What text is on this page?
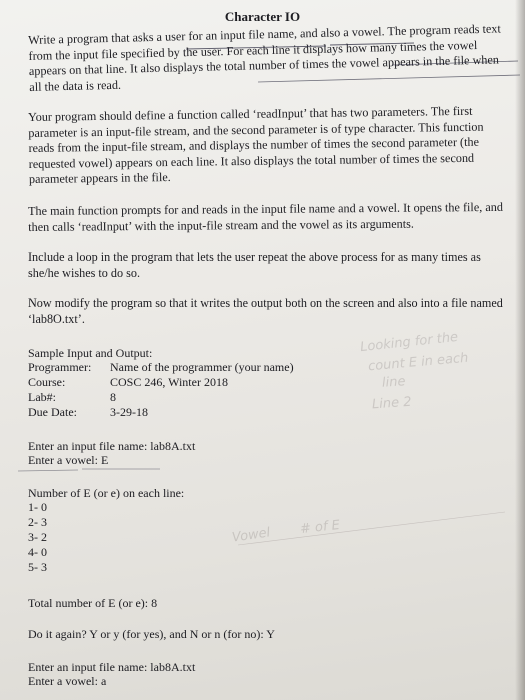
Character IO

Write a program that asks a user for an input file name, and also a vowel. The program reads text from the input file specified by the user. For each line it displays how many times the vowel appears on that line. It also displays the total number of times the vowel appears in the file when all the data is read.

Your program should define a function called ‘readInput’ that has two parameters. The first parameter is an input-file stream, and the second parameter is of type character. This function reads from the input-file stream, and displays the number of times the second parameter (the requested vowel) appears on each line. It also displays the total number of times the second parameter appears in the file.

The main function prompts for and reads in the input file name and a vowel. It opens the file, and then calls ‘readInput’ with the input-file stream and the vowel as its arguments.

Include a loop in the program that lets the user repeat the above process for as many times as she/he wishes to do so.

Now modify the program so that it writes the output both on the screen and also into a file named ‘lab8O.txt’.

Sample Input and Output:
Programmer: Name of the programmer (your name)
Course:	COSC 246, Winter 2018
Lab#:	8
Due Date:	3-29-18
Enter an input file name: lab8A.txt
Enter a vowel: E
Number of E (or e) on each line:
1- 0
2- 3
3- 2
4- 0
5- 3
Total number of E (or e): 8
Do it again? Y or y (for yes), and N or n (for no): Y
Enter an input file name: lab8A.txt
Enter a vowel: a
Looking for the
count E in each
line
Line 2
Vowel # of E
